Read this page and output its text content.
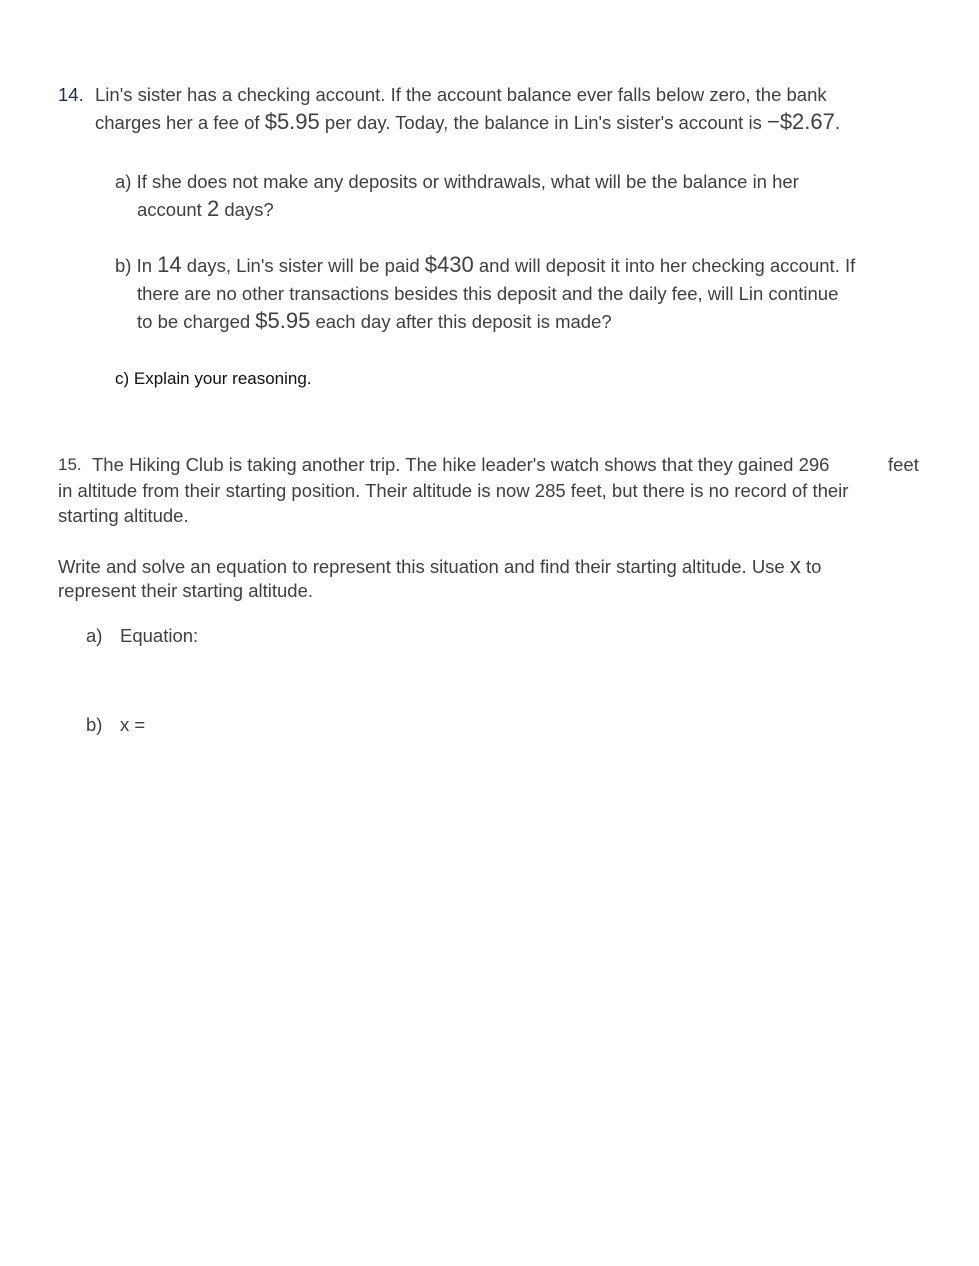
14. Lin's sister has a checking account. If the account balance ever falls below zero, the bank
charges her a fee of $5.95 per day. Today, the balance in Lin's sister's account is −$2.67.
a) If she does not make any deposits or withdrawals, what will be the balance in her
account 2 days?
b) In 14 days, Lin's sister will be paid $430 and will deposit it into her checking account. If
there are no other transactions besides this deposit and the daily fee, will Lin continue
to be charged $5.95 each day after this deposit is made?
c) Explain your reasoning.
15. The Hiking Club is taking another trip. The hike leader's watch shows that they gained 296	feet
in altitude from their starting position. Their altitude is now 285 feet, but there is no record of their
starting altitude.
Write and solve an equation to represent this situation and find their starting altitude. Use x to
represent their starting altitude.
a) Equation:
b) x =
